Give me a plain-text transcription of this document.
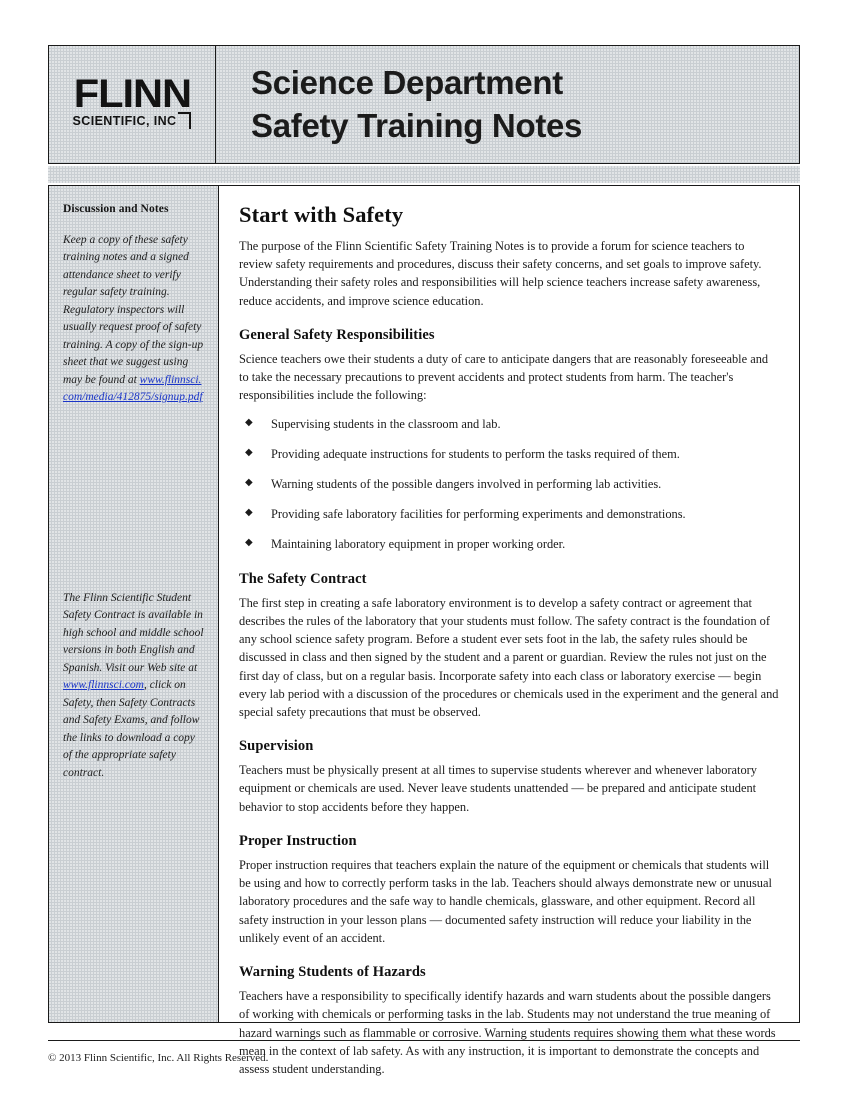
FLINN
SCIENTIFIC, INC
Science Department
Safety Training Notes
Discussion and Notes

Keep a copy of these safety training notes and a signed attendance sheet to verify regular safety training. Regulatory inspectors will usually request proof of safety training. A copy of the sign-up sheet that we suggest using may be found at www.flinnsci.com/media/412875/signup.pdf

The Flinn Scientific Student Safety Contract is available in high school and middle school versions in both English and Spanish. Visit our Web site at www.flinnsci.com, click on Safety, then Safety Contracts and Safety Exams, and follow the links to download a copy of the appropriate safety contract.

Start with Safety

The purpose of the Flinn Scientific Safety Training Notes is to provide a forum for science teachers to review safety requirements and procedures, discuss their safety concerns, and set goals to improve safety. Understanding their safety roles and responsibilities will help science teachers increase safety awareness, reduce accidents, and improve science education.

General Safety Responsibilities

Science teachers owe their students a duty of care to anticipate dangers that are reasonably foreseeable and to take the necessary precautions to prevent accidents and protect students from harm. The teacher's responsibilities include the following:

◆ Supervising students in the classroom and lab.
◆ Providing adequate instructions for students to perform the tasks required of them.
◆ Warning students of the possible dangers involved in performing lab activities.
◆ Providing safe laboratory facilities for performing experiments and demonstrations.
◆ Maintaining laboratory equipment in proper working order.
The Safety Contract

The first step in creating a safe laboratory environment is to develop a safety contract or agreement that describes the rules of the laboratory that your students must follow. The safety contract is the foundation of any school science safety program. Before a student ever sets foot in the lab, the safety rules should be discussed in class and then signed by the student and a parent or guardian. Review the rules not just on the first day of class, but on a regular basis. Incorporate safety into each class or laboratory exercise — begin every lab period with a discussion of the procedures or chemicals used in the experiment and the general and special safety precautions that must be observed.

Supervision

Teachers must be physically present at all times to supervise students wherever and whenever laboratory equipment or chemicals are used. Never leave students unattended — be prepared and anticipate student behavior to stop accidents before they happen.

Proper Instruction

Proper instruction requires that teachers explain the nature of the equipment or chemicals that students will be using and how to correctly perform tasks in the lab. Teachers should always demonstrate new or unusual laboratory procedures and the safe way to handle chemicals, glassware, and other equipment. Record all safety instruction in your lesson plans — documented safety instruction will reduce your liability in the unlikely event of an accident.

Warning Students of Hazards

Teachers have a responsibility to specifically identify hazards and warn students about the possible dangers of working with chemicals or performing tasks in the lab. Students may not understand the true meaning of hazard warnings such as flammable or corrosive. Warning students requires showing them what these words mean in the context of lab safety. As with any instruction, it is important to demonstrate the concepts and assess student understanding.

© 2013 Flinn Scientific, Inc. All Rights Reserved.
